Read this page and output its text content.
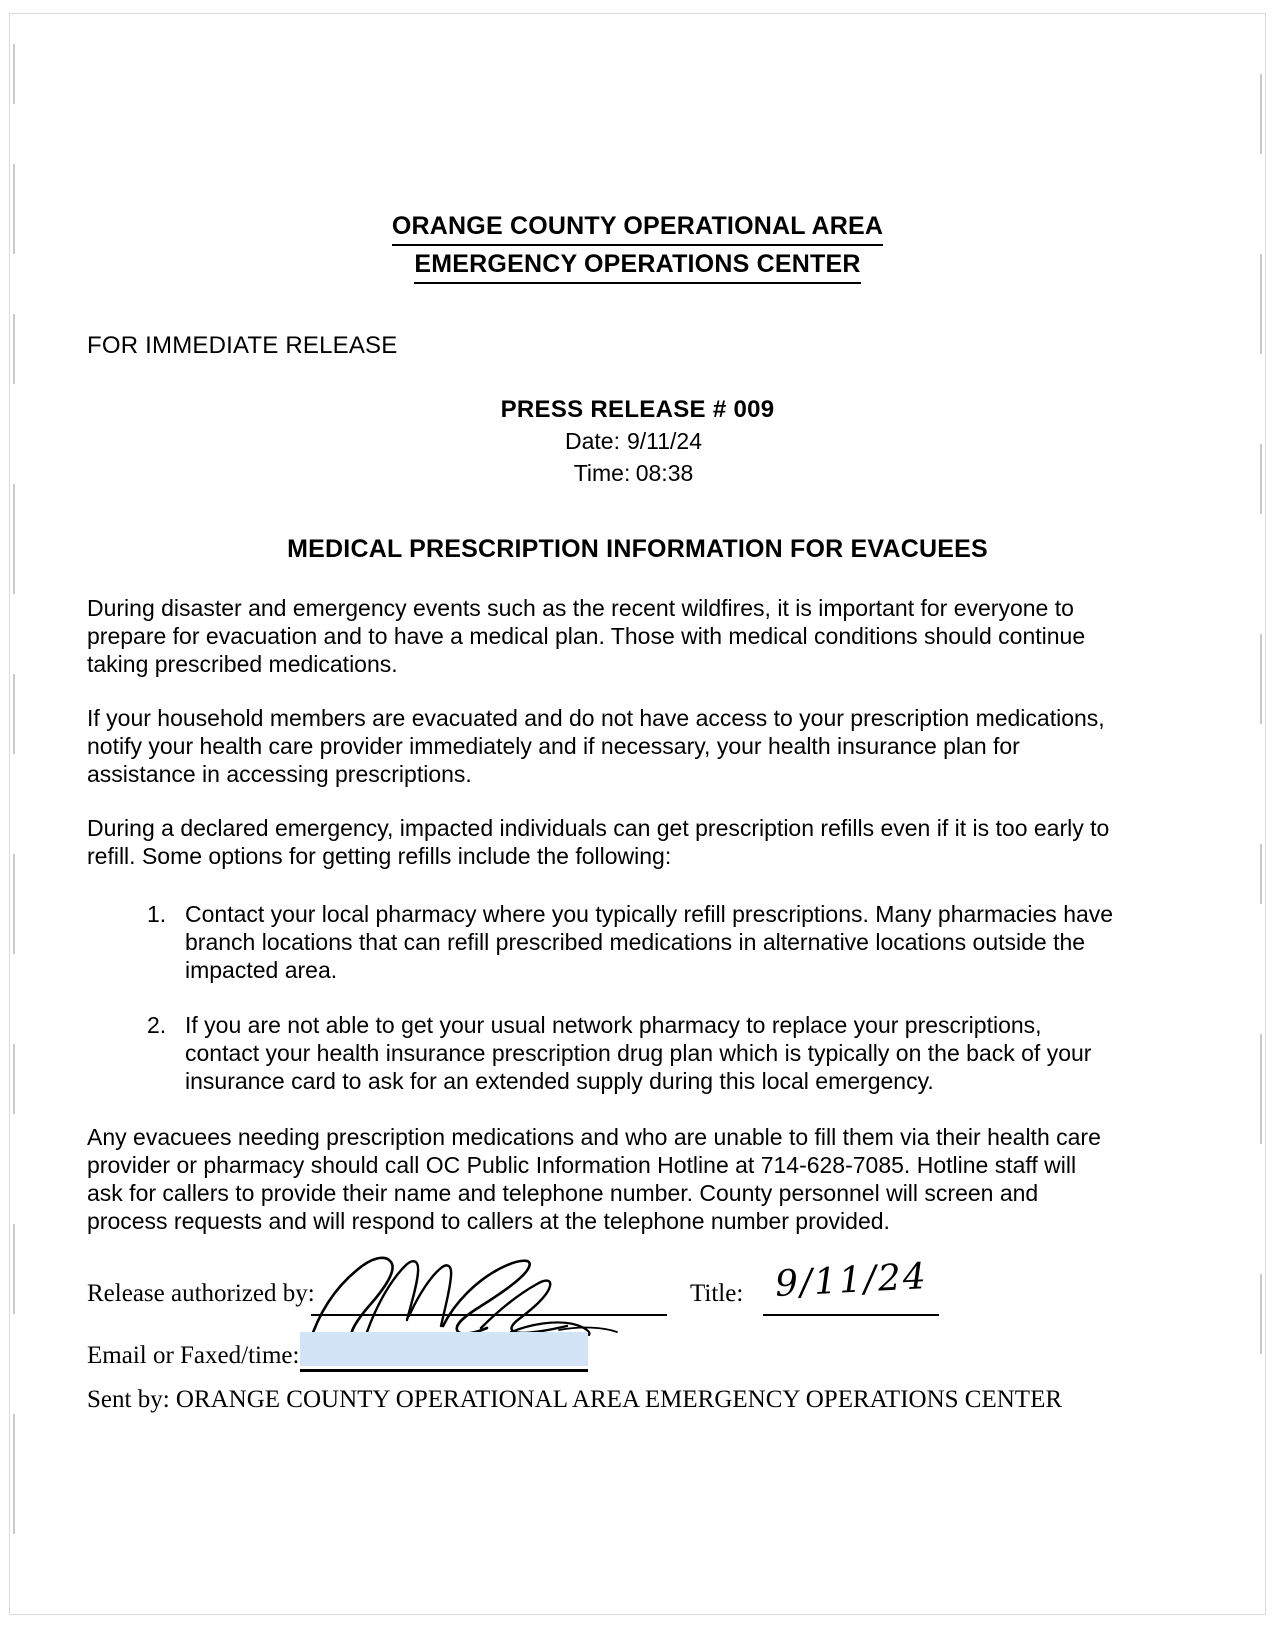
ORANGE COUNTY OPERATIONAL AREA
EMERGENCY OPERATIONS CENTER
FOR IMMEDIATE RELEASE
PRESS RELEASE # 009
Date: 9/11/24
Time: 08:38
MEDICAL PRESCRIPTION INFORMATION FOR EVACUEES

During disaster and emergency events such as the recent wildfires, it is important for everyone to prepare for evacuation and to have a medical plan. Those with medical conditions should continue taking prescribed medications.

If your household members are evacuated and do not have access to your prescription medications, notify your health care provider immediately and if necessary, your health insurance plan for assistance in accessing prescriptions.

During a declared emergency, impacted individuals can get prescription refills even if it is too early to refill. Some options for getting refills include the following:

Contact your local pharmacy where you typically refill prescriptions. Many pharmacies have branch locations that can refill prescribed medications in alternative locations outside the impacted area.
If you are not able to get your usual network pharmacy to replace your prescriptions, contact your health insurance prescription drug plan which is typically on the back of your insurance card to ask for an extended supply during this local emergency.

Any evacuees needing prescription medications and who are unable to fill them via their health care provider or pharmacy should call OC Public Information Hotline at 714-628-7085. Hotline staff will ask for callers to provide their name and telephone number. County personnel will screen and process requests and will respond to callers at the telephone number provided.

Release authorized by:	Title: 9/11/24
Email or Faxed/time:
Sent by: ORANGE COUNTY OPERATIONAL AREA EMERGENCY OPERATIONS CENTER
